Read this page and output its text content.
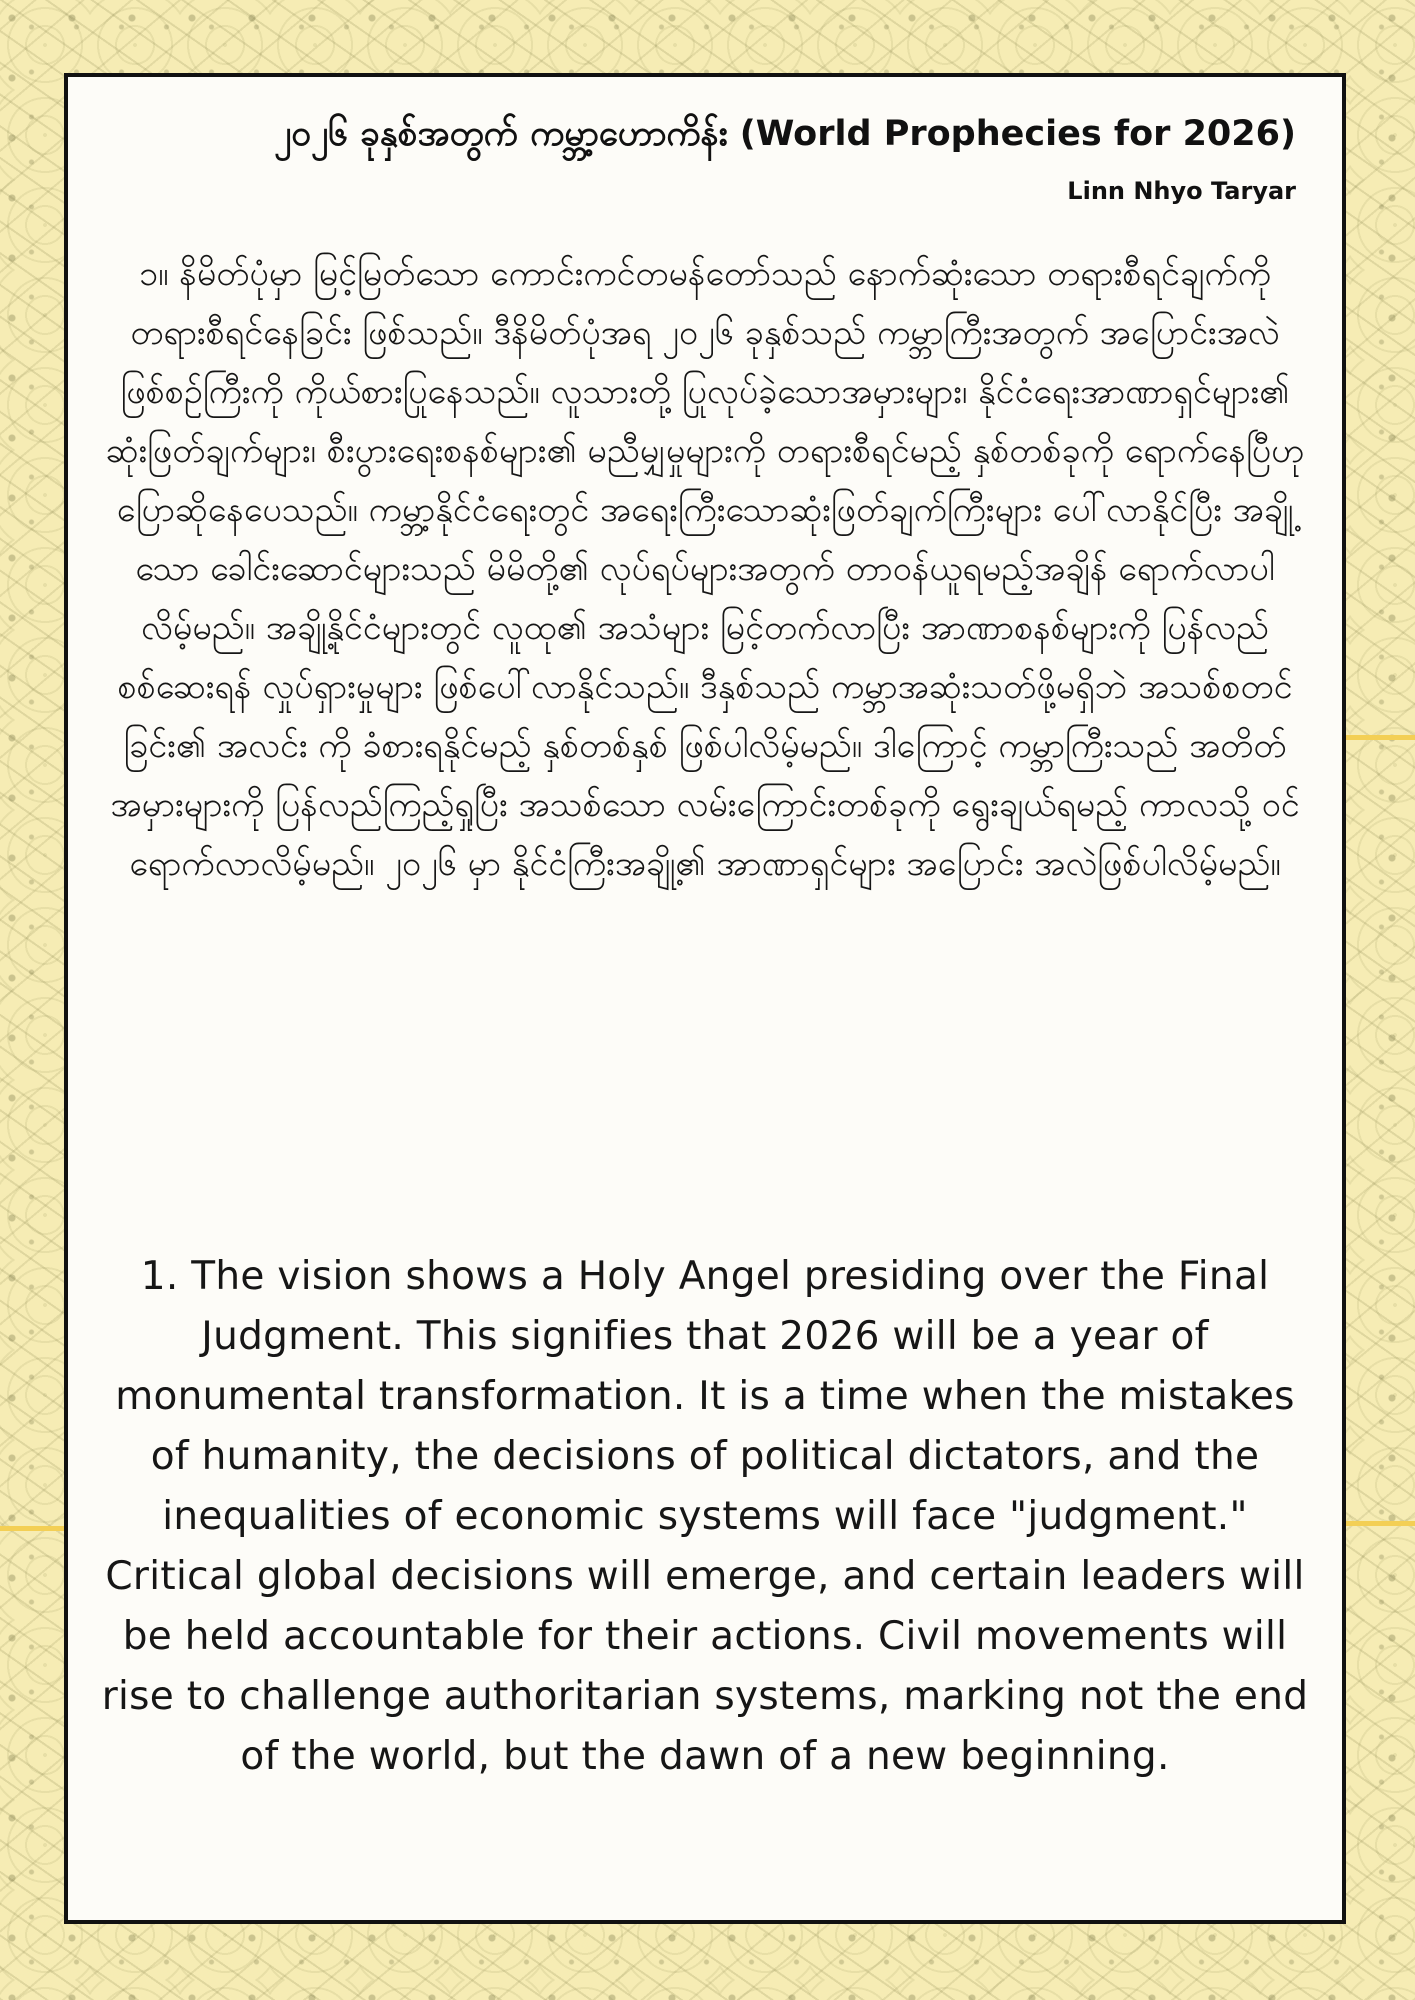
၂၀၂၆ ခုနှစ်အတွက် ကမ္ဘာ့ဟောကိန်း (World Prophecies for 2026)

Linn Nhyo Taryar

၁။ နိမိတ်ပုံမှာ မြင့်မြတ်သော ကောင်းကင်တမန်တော်သည် နောက်ဆုံးသော တရားစီရင်ချက်ကို တရားစီရင်နေခြင်း ဖြစ်သည်။ ဒီနိမိတ်ပုံအရ ၂၀၂၆ ခုနှစ်သည် ကမ္ဘာကြီးအတွက် အပြောင်းအလဲ ဖြစ်စဉ်ကြီးကို ကိုယ်စားပြုနေသည်။ လူသားတို့ ပြုလုပ်ခဲ့သောအမှားများ၊ နိုင်ငံရေးအာဏာရှင်များ၏ ဆုံးဖြတ်ချက်များ၊ စီးပွားရေးစနစ်များ၏ မညီမျှမှုများကို တရားစီရင်မည့် နှစ်တစ်ခုကို ရောက်နေပြီဟု ပြောဆိုနေပေသည်။ ကမ္ဘာ့နိုင်ငံရေးတွင် အရေးကြီးသောဆုံးဖြတ်ချက်ကြီးများ ပေါ်လာနိုင်ပြီး အချို့သော ခေါင်းဆောင်များသည် မိမိတို့၏ လုပ်ရပ်များအတွက် တာဝန်ယူရမည့်အချိန် ရောက်လာပါလိမ့်မည်။ အချို့နိုင်ငံများတွင် လူထု၏ အသံများ မြင့်တက်လာပြီး အာဏာစနစ်များကို ပြန်လည်စစ်ဆေးရန် လှုပ်ရှားမှုများ ဖြစ်ပေါ်လာနိုင်သည်။ ဒီနှစ်သည် ကမ္ဘာအဆုံးသတ်ဖို့မရှိဘဲ အသစ်စတင်ခြင်း၏ အလင်း ကို ခံစားရနိုင်မည့် နှစ်တစ်နှစ် ဖြစ်ပါလိမ့်မည်။ ဒါကြောင့် ကမ္ဘာကြီးသည် အတိတ်အမှားများကို ပြန်လည်ကြည့်ရှုပြီး အသစ်သော လမ်းကြောင်းတစ်ခုကို ရွေးချယ်ရမည့် ကာလသို့ ဝင်ရောက်လာလိမ့်မည်။ ၂၀၂၆ မှာ နိုင်ငံကြီးအချို့၏ အာဏာရှင်များ အပြောင်း အလဲဖြစ်ပါလိမ့်မည်။

1. The vision shows a Holy Angel presiding over the Final Judgment. This signifies that 2026 will be a year of monumental transformation. It is a time when the mistakes of humanity, the decisions of political dictators, and the inequalities of economic systems will face "judgment." Critical global decisions will emerge, and certain leaders will be held accountable for their actions. Civil movements will rise to challenge authoritarian systems, marking not the end of the world, but the dawn of a new beginning.
